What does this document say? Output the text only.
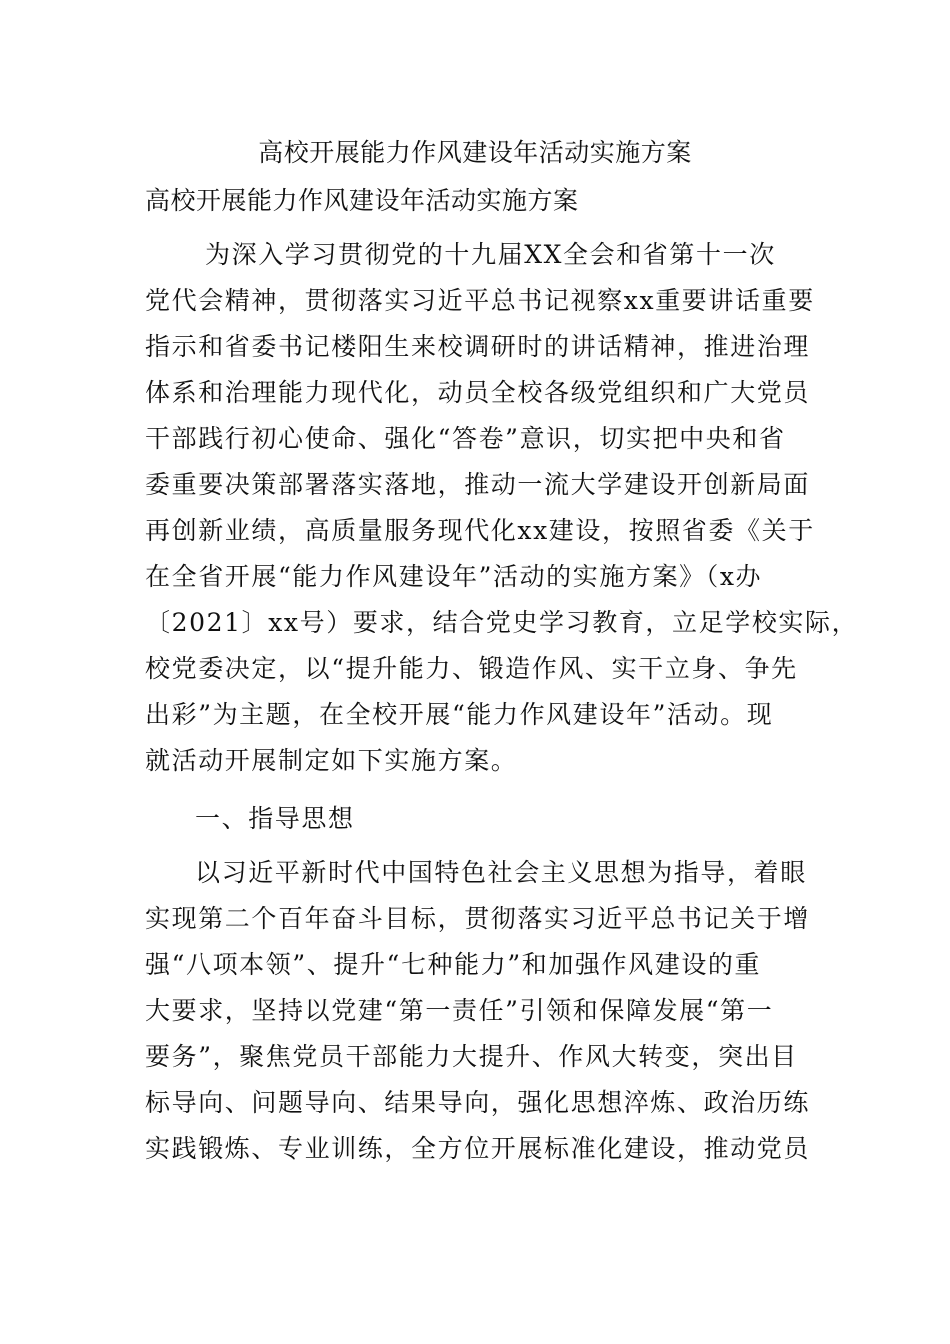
高校开展能力作风建设年活动实施方案
高校开展能力作风建设年活动实施方案
为深入学习贯彻党的十九届XX全会和省第十一次
党代会精神，贯彻落实习近平总书记视察xx重要讲话重要
指示和省委书记楼阳生来校调研时的讲话精神，推进治理
体系和治理能力现代化，动员全校各级党组织和广大党员
干部践行初心使命、强化“答卷”意识，切实把中央和省
委重要决策部署落实落地，推动一流大学建设开创新局面
再创新业绩，高质量服务现代化xx建设，按照省委《关于
在全省开展“能力作风建设年”活动的实施方案》（x办
〔2021〕xx号）要求，结合党史学习教育，立足学校实际，
校党委决定，以“提升能力、锻造作风、实干立身、争先
出彩”为主题，在全校开展“能力作风建设年”活动。现
就活动开展制定如下实施方案。
一、指导思想
以习近平新时代中国特色社会主义思想为指导，着眼
实现第二个百年奋斗目标，贯彻落实习近平总书记关于增
强“八项本领”、提升“七种能力”和加强作风建设的重
大要求，坚持以党建“第一责任”引领和保障发展“第一
要务”，聚焦党员干部能力大提升、作风大转变，突出目
标导向、问题导向、结果导向，强化思想淬炼、政治历练
实践锻炼、专业训练，全方位开展标准化建设，推动党员
